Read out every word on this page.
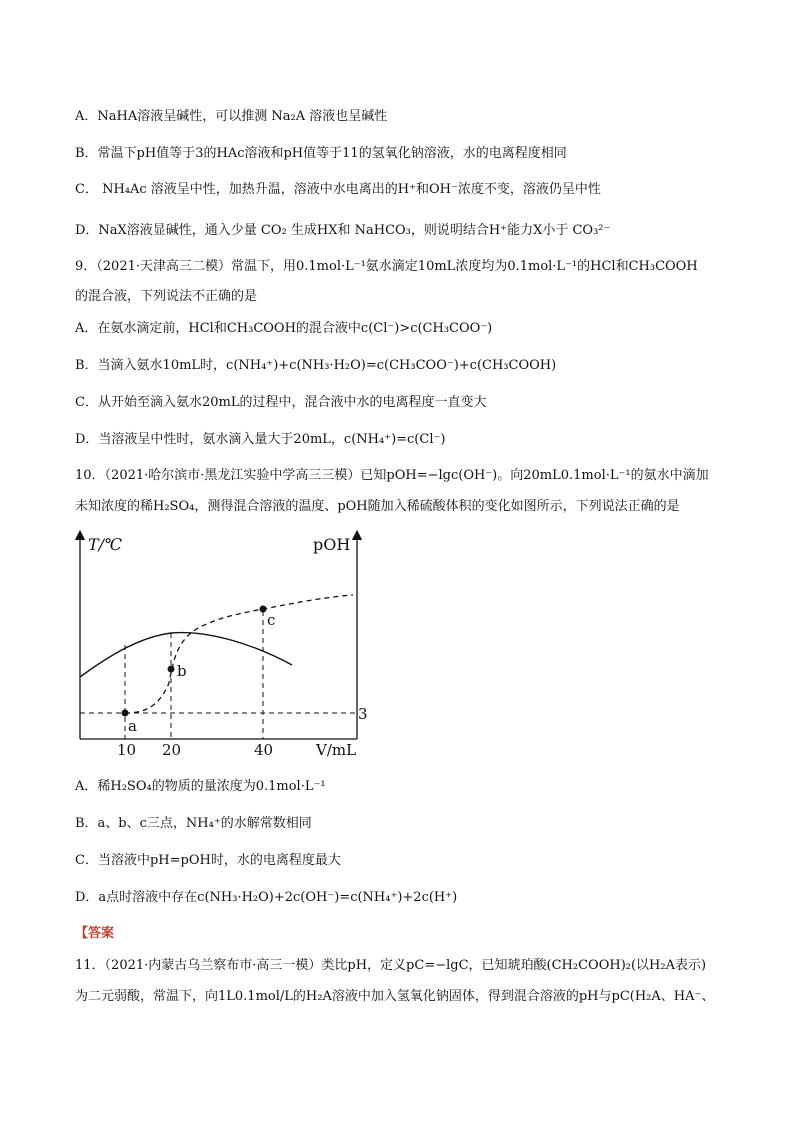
A．NaHA溶液呈碱性，可以推测 Na₂A 溶液也呈碱性
B．常温下pH值等于3的HAc溶液和pH值等于11的氢氧化钠溶液，水的电离程度相同
C． NH₄Ac 溶液呈中性，加热升温，溶液中水电离出的H⁺和OH⁻浓度不变，溶液仍呈中性
D．NaX溶液显碱性，通入少量 CO₂ 生成HX和 NaHCO₃，则说明结合H⁺能力X小于 CO₃²⁻
9．（2021·天津高三二模）常温下，用0.1mol·L⁻¹氨水滴定10mL浓度均为0.1mol·L⁻¹的HCl和CH₃COOH
的混合液，下列说法不正确的是
A．在氨水滴定前，HCl和CH₃COOH的混合液中c(Cl⁻)>c(CH₃COO⁻)
B．当滴入氨水10mL时，c(NH₄⁺)+c(NH₃·H₂O)=c(CH₃COO⁻)+c(CH₃COOH)
C．从开始至滴入氨水20mL的过程中，混合液中水的电离程度一直变大
D．当溶液呈中性时，氨水滴入量大于20mL，c(NH₄⁺)=c(Cl⁻)
10．（2021·哈尔滨市·黑龙江实验中学高三三模）已知pOH=−lgc(OH⁻)。向20mL0.1mol·L⁻¹的氨水中滴加
未知浓度的稀H₂SO₄，测得混合溶液的温度、pOH随加入稀硫酸体积的变化如图所示，下列说法正确的是
A．稀H₂SO₄的物质的量浓度为0.1mol·L⁻¹
B．a、b、c三点，NH₄⁺的水解常数相同
C．当溶液中pH=pOH时，水的电离程度最大
D．a点时溶液中存在c(NH₃·H₂O)+2c(OH⁻)=c(NH₄⁺)+2c(H⁺)
【答案
11．（2021·内蒙古乌兰察布市·高三一模）类比pH，定义pC=−lgC，已知琥珀酸(CH₂COOH)₂(以H₂A表示)
为二元弱酸，常温下，向1L0.1mol/L的H₂A溶液中加入氢氧化钠固体，得到混合溶液的pH与pC(H₂A、HA⁻、
T/℃	pOH
V/mL
10 20	40
3
a
b
c
